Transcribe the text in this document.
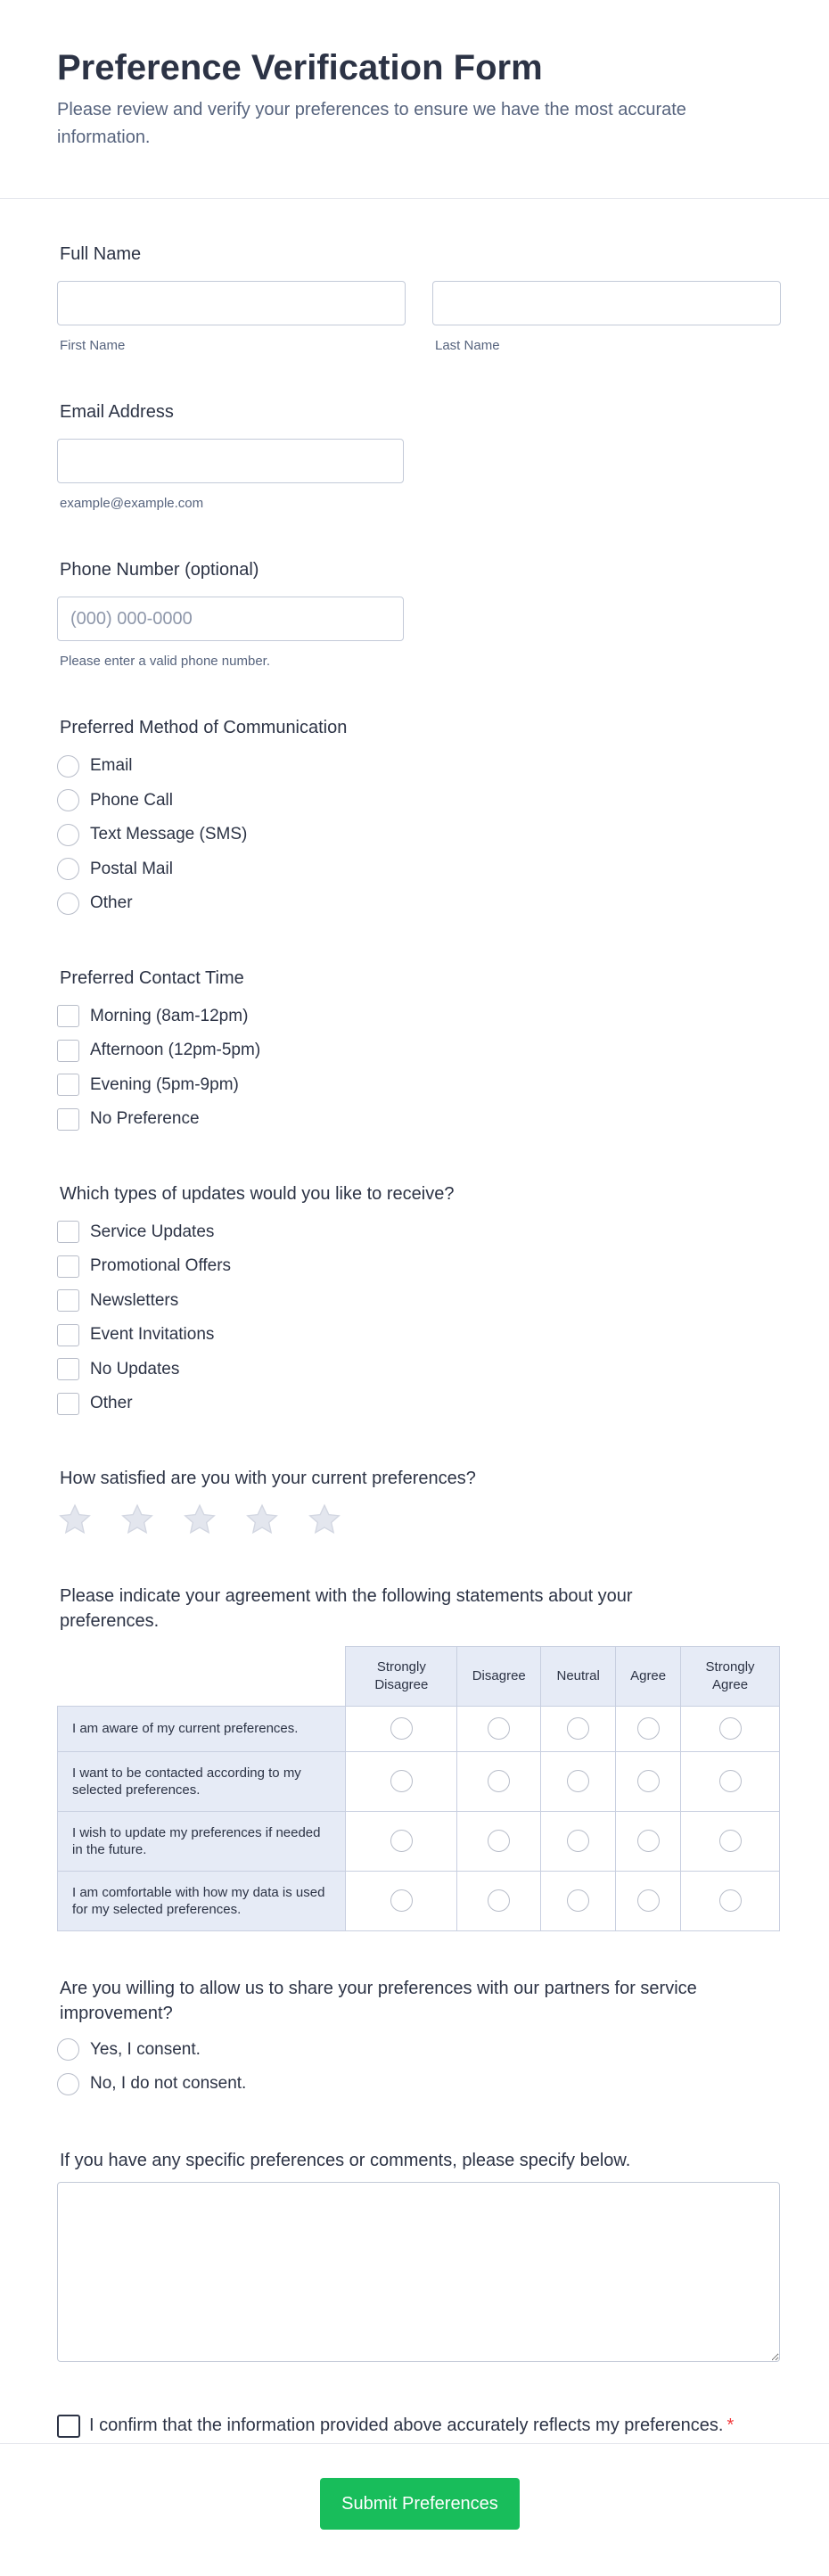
Preference Verification Form

Please review and verify your preferences to ensure we have the most accurate information.

Full Name
First Name	Last Name
Email Address
example@example.com
Phone Number (optional)
(000) 000-0000
Please enter a valid phone number.
Preferred Method of Communication
Email
Phone Call
Text Message (SMS)
Postal Mail
Other
Preferred Contact Time
Morning (8am-12pm)
Afternoon (12pm-5pm)
Evening (5pm-9pm)
No Preference
Which types of updates would you like to receive?
Service Updates
Promotional Offers
Newsletters
Event Invitations
No Updates
Other
How satisfied are you with your current preferences?
Please indicate your agreement with the following statements about your preferences.
	Strongly Disagree	Disagree	Neutral	Agree	Strongly Agree
I am aware of my current preferences.					
I want to be contacted according to my selected preferences.					
I wish to update my preferences if needed in the future.					
I am comfortable with how my data is used for my selected preferences.					
Are you willing to allow us to share your preferences with our partners for service improvement?
Yes, I consent.
No, I do not consent.
If you have any specific preferences or comments, please specify below.
I confirm that the information provided above accurately reflects my preferences. *
Submit Preferences
